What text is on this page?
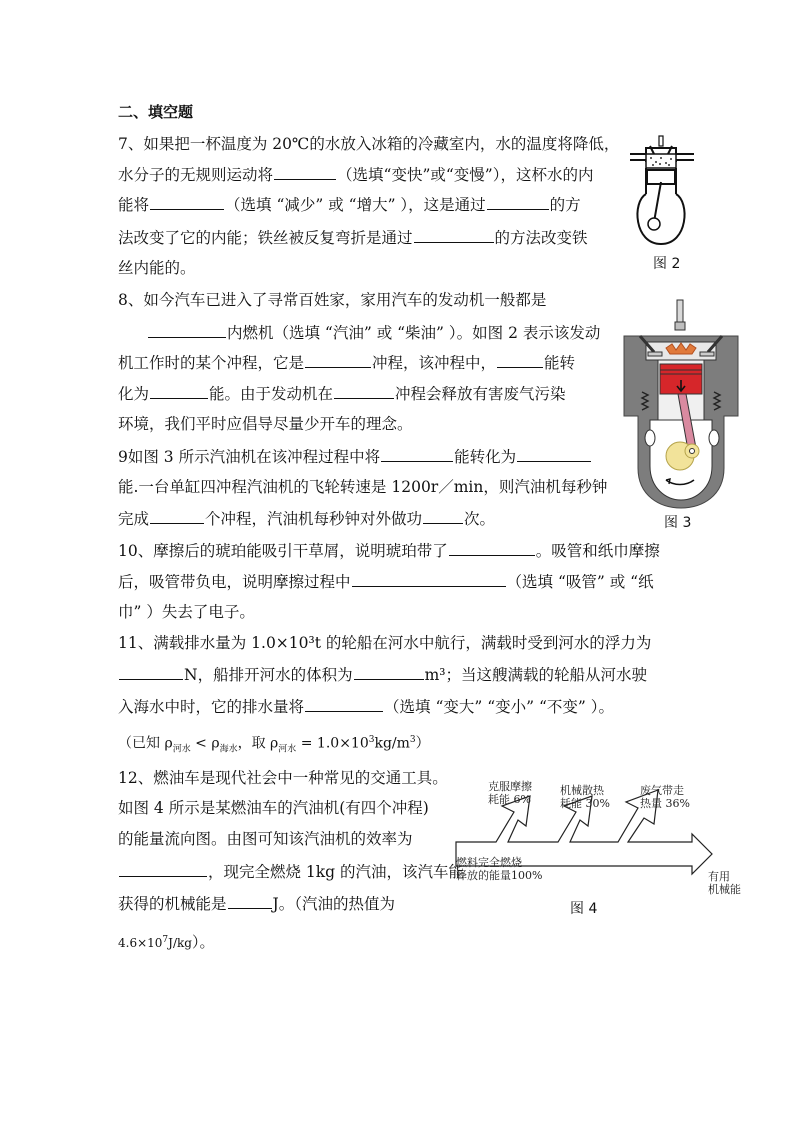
二、填空题
7、如果把一杯温度为 20℃的水放入冰箱的冷藏室内，水的温度将降低，
水分子的无规则运动将	（选填“变快”或“变慢”），这杯水的内
能将	（选填 “减少” 或 “增大” ），这是通过	的方
法改变了它的内能；铁丝被反复弯折是通过	的方法改变铁
丝内能的。
8、如今汽车已进入了寻常百姓家，家用汽车的发动机一般都是
内燃机（选填 “汽油” 或 “柴油” ）。如图 2 表示该发动
机工作时的某个冲程，它是	冲程，该冲程中，	能转
化为	能。由于发动机在	冲程会释放有害废气污染
环境，我们平时应倡导尽量少开车的理念。
9如图 3 所示汽油机在该冲程过程中将	能转化为
能.一台单缸四冲程汽油机的飞轮转速是 1200r／min，则汽油机每秒钟
完成	个冲程，汽油机每秒钟对外做功	次。
10、摩擦后的琥珀能吸引干草屑，说明琥珀带了	。吸管和纸巾摩擦
后，吸管带负电，说明摩擦过程中	（选填 “吸管” 或 “纸
巾” ）失去了电子。
11、满载排水量为 1.0×10³t 的轮船在河水中航行，满载时受到河水的浮力为
N，船排开河水的体积为	m³；当这艘满载的轮船从河水驶
入海水中时，它的排水量将	（选填 “变大” “变小” “不变” ）。
（已知 $\rho_{河水} < \rho_{海水}$，取 $\rho_{河水} = 1.0\times 10^3kg/m^3$）
12、燃油车是现代社会中一种常见的交通工具。
如图 4 所示是某燃油车的汽油机(有四个冲程)
的能量流向图。由图可知该汽油机的效率为
，现完全燃烧 1kg 的汽油，该汽车能
获得的机械能是	J。（汽油的热值为
$4.6\times 10^7J/kg$）。
图 2
图 3
克服摩擦
耗能 6%
机械散热
耗能 30%
废气带走
热量 36%
燃料完全燃烧
释放的能量100%	有用
机械能
图 4
